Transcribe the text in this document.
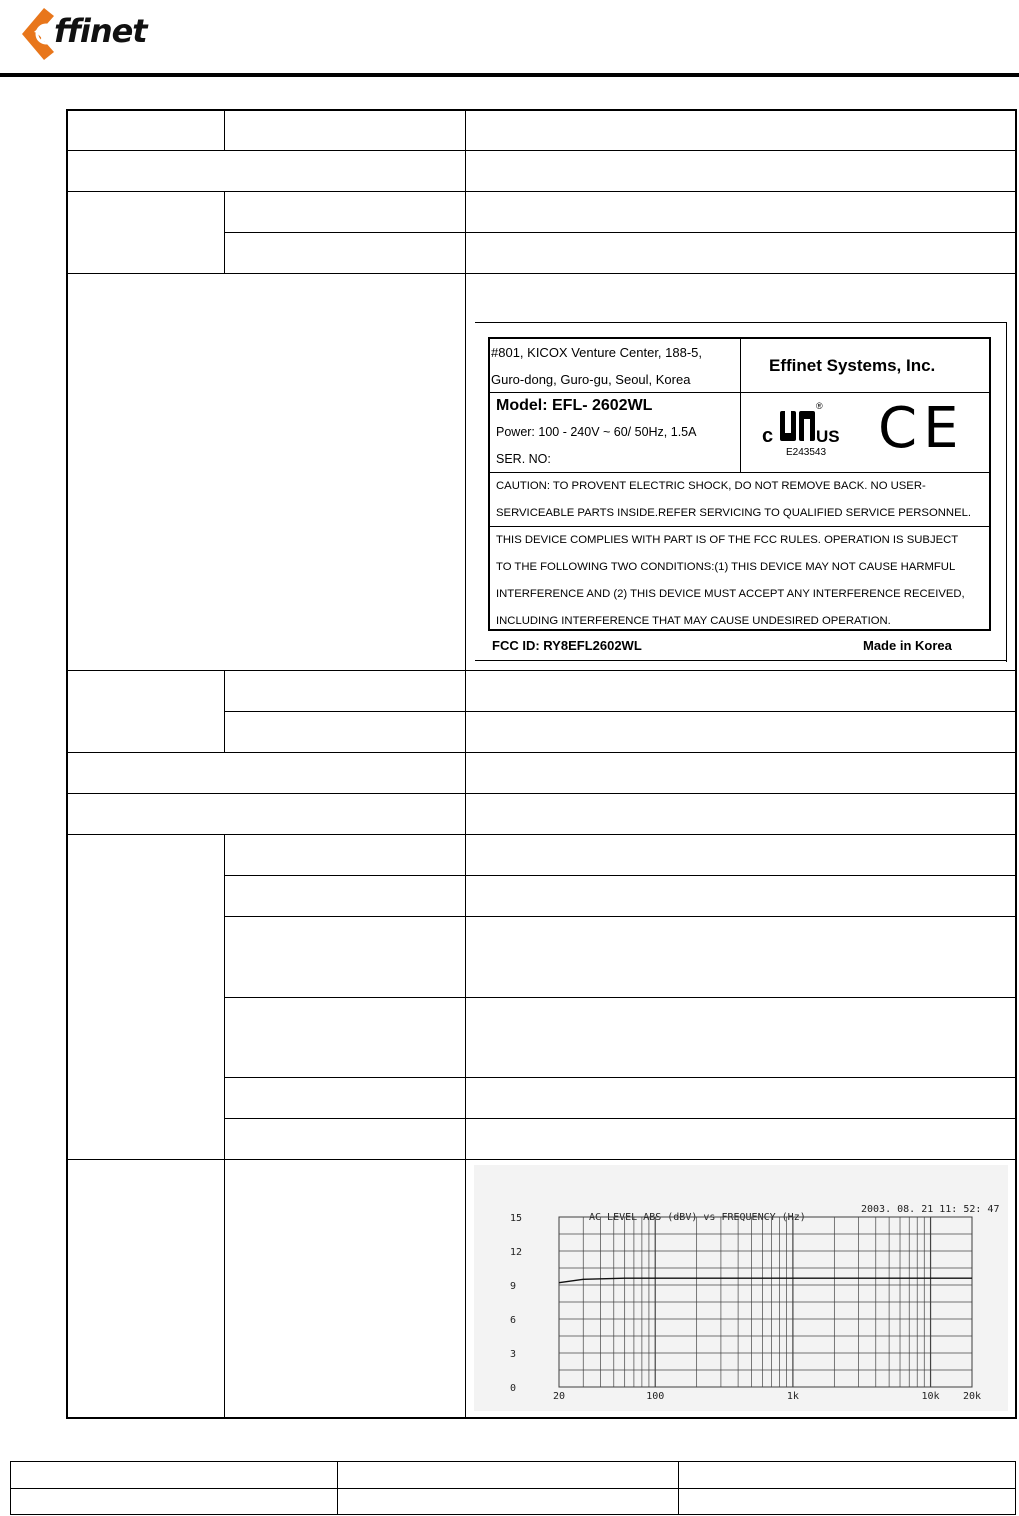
ffinet
#801, KICOX Venture Center, 188-5,
Guro-dong, Guro-gu, Seoul, Korea
Effinet Systems, Inc.
Model: EFL- 2602WL
Power: 100 - 240V ~ 60/ 50Hz, 1.5A
SER. NO:
c	US
®
E243543 CE
CAUTION: TO PROVENT ELECTRIC SHOCK, DO NOT REMOVE BACK. NO USER-
SERVICEABLE PARTS INSIDE.REFER SERVICING TO QUALIFIED SERVICE PERSONNEL.
THIS DEVICE COMPLIES WITH PART IS OF THE FCC RULES. OPERATION IS SUBJECT
TO THE FOLLOWING TWO CONDITIONS:(1) THIS DEVICE MAY NOT CAUSE HARMFUL
INTERFERENCE AND (2) THIS DEVICE MUST ACCEPT ANY INTERFERENCE RECEIVED,
INCLUDING INTERFERENCE THAT MAY CAUSE UNDESIRED OPERATION.
FCC ID: RY8EFL2602WL	Made in Korea
AC LEVEL-ABS (dBV) vs FREQUENCY (Hz)
2003. 08. 21 11: 52: 47
0
3
6
9
12
15
20	100	1k	10k 20k
